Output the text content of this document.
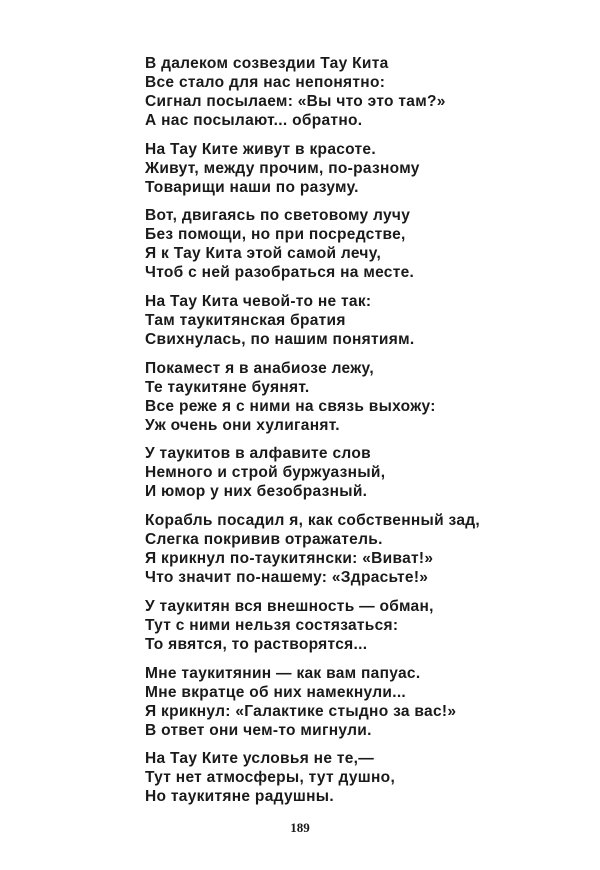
В далеком созвездии Тау Кита
Все стало для нас непонятно:
Сигнал посылаем: «Вы что это там?»
А нас посылают... обратно.
На Тау Ките живут в красоте.
Живут, между прочим, по-разному
Товарищи наши по разуму.
Вот, двигаясь по световому лучу
Без помощи, но при посредстве,
Я к Тау Кита этой самой лечу,
Чтоб с ней разобраться на месте.
На Тау Кита чевой-то не так:
Там таукитянская братия
Свихнулась, по нашим понятиям.
Покамест я в анабиозе лежу,
Те таукитяне буянят.
Все реже я с ними на связь выхожу:
Уж очень они хулиганят.
У таукитов в алфавите слов
Немного и строй буржуазный,
И юмор у них безобразный.
Корабль посадил я, как собственный зад,
Слегка покривив отражатель.
Я крикнул по-таукитянски: «Виват!»
Что значит по-нашему: «Здрасьте!»
У таукитян вся внешность — обман,
Тут с ними нельзя состязаться:
То явятся, то растворятся...
Мне таукитянин — как вам папуас.
Мне вкратце об них намекнули...
Я крикнул: «Галактике стыдно за вас!»
В ответ они чем-то мигнули.
На Тау Ките условья не те,—
Тут нет атмосферы, тут душно,
Но таукитяне радушны.
189
